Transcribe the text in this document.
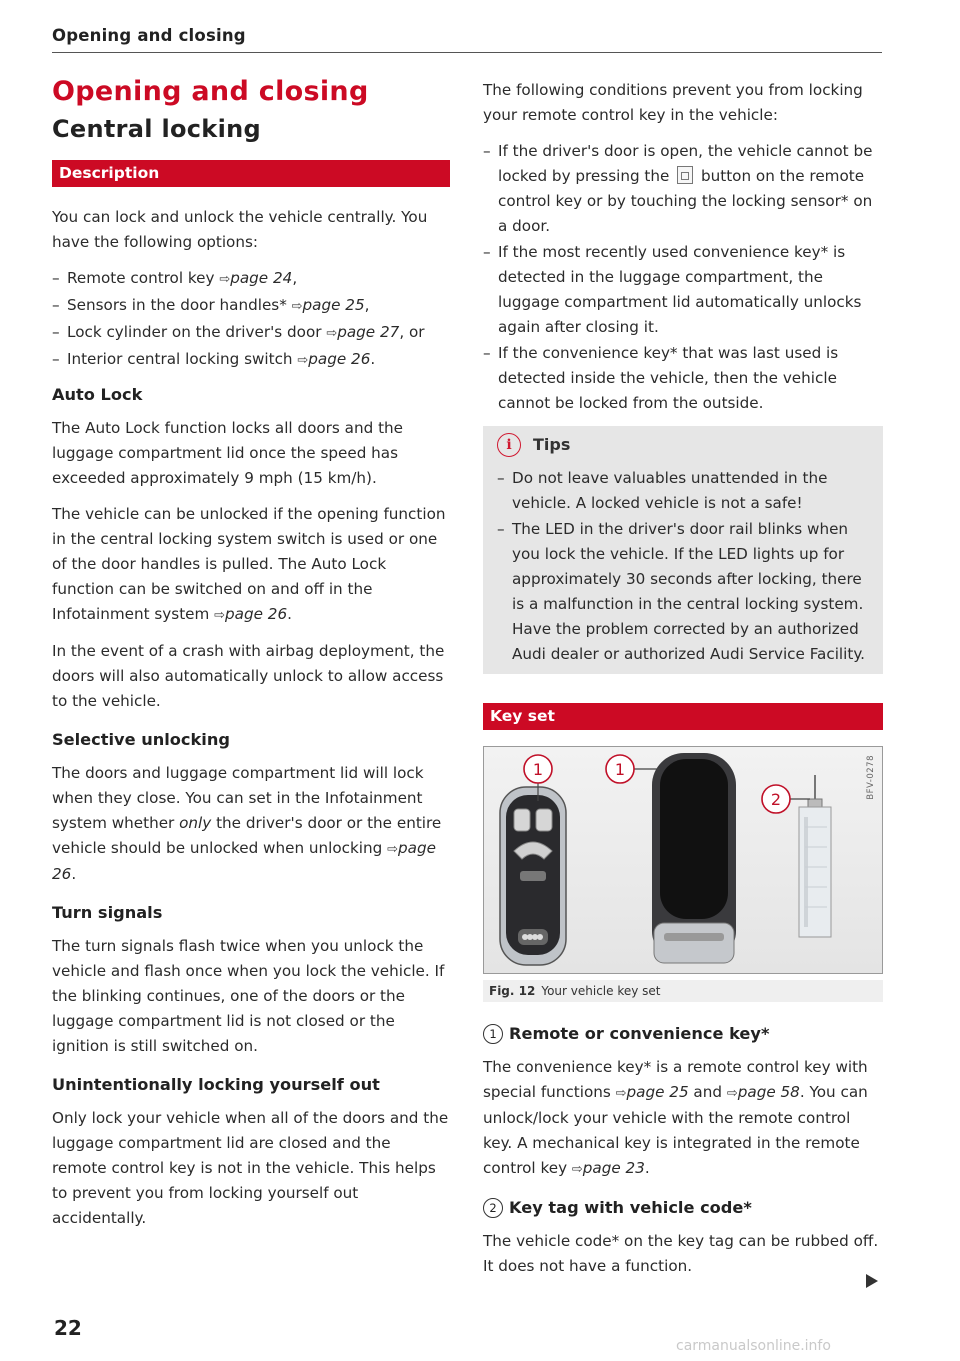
Opening and closing
Opening and closing
Central locking
Description

You can lock and unlock the vehicle centrally. You have the following options:

– Remote control key ⇨page 24,
– Sensors in the door handles* ⇨page 25,
– Lock cylinder on the driver's door ⇨page 27, or
– Interior central locking switch ⇨page 26.
Auto Lock

The Auto Lock function locks all doors and the luggage compartment lid once the speed has exceeded approximately 9 mph (15 km/h).

The vehicle can be unlocked if the opening function in the central locking system switch is used or one of the door handles is pulled. The Auto Lock function can be switched on and off in the Infotainment system ⇨page 26.

In the event of a crash with airbag deployment, the doors will also automatically unlock to allow access to the vehicle.

Selective unlocking

The doors and luggage compartment lid will lock when they close. You can set in the Infotainment system whether only the driver's door or the entire vehicle should be unlocked when unlocking ⇨page 26.

Turn signals

The turn signals flash twice when you unlock the vehicle and flash once when you lock the vehicle. If the blinking continues, one of the doors or the luggage compartment lid is not closed or the ignition is still switched on.

Unintentionally locking yourself out

Only lock your vehicle when all of the doors and the luggage compartment lid are closed and the remote control key is not in the vehicle. This helps to prevent you from locking yourself out accidentally.

The following conditions prevent you from locking your remote control key in the vehicle:

– If the driver's door is open, the vehicle cannot be locked by pressing the  button on the remote control key or by touching the locking sensor* on a door.
– If the most recently used convenience key* is detected in the luggage compartment, the luggage compartment lid automatically unlocks again after closing it.
– If the convenience key* that was last used is detected inside the vehicle, then the vehicle cannot be locked from the outside.
i	Tips
– Do not leave valuables unattended in the vehicle. A locked vehicle is not a safe!
– The LED in the driver's door rail blinks when you lock the vehicle. If the LED lights up for approximately 30 seconds after locking, there is a malfunction in the central locking system. Have the problem corrected by an authorized Audi dealer or authorized Audi Service Facility.
Key set
1	1
2	BFV-0278
Fig. 12 Your vehicle key set
1 Remote or convenience key*

The convenience key* is a remote control key with special functions ⇨page 25 and ⇨page 58. You can unlock/lock your vehicle with the remote control key. A mechanical key is integrated in the remote control key ⇨page 23.

2 Key tag with vehicle code*

The vehicle code* on the key tag can be rubbed off. It does not have a function.

22
carmanualsonline.info
